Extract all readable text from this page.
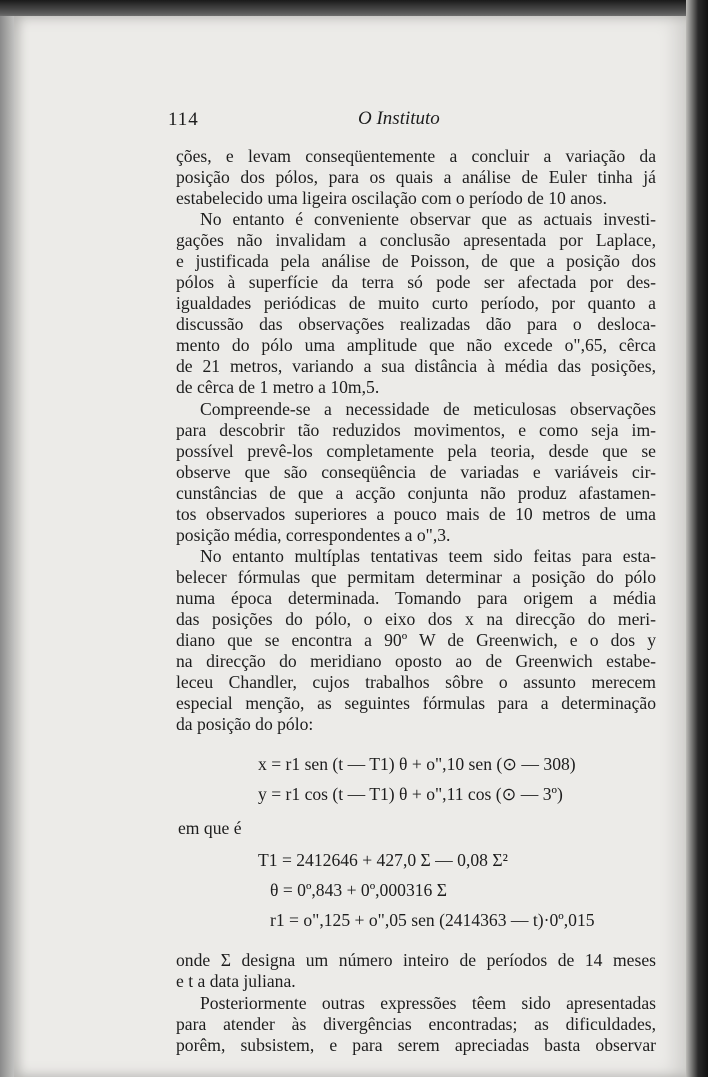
114	O Instituto
ções, e levam conseqüentemente a concluir a variação da
posição dos pólos, para os quais a análise de Euler tinha já
estabelecido uma ligeira oscilação com o período de 10 anos.
No entanto é conveniente observar que as actuais investi-
gações não invalidam a conclusão apresentada por Laplace,
e justificada pela análise de Poisson, de que a posição dos
pólos à superfície da terra só pode ser afectada por des-
igualdades periódicas de muito curto período, por quanto a
discussão das observações realizadas dão para o desloca-
mento do pólo uma amplitude que não excede o",65, cêrca
de 21 metros, variando a sua distância à média das posições,
de cêrca de 1 metro a 10m,5.
Compreende-se a necessidade de meticulosas observações
para descobrir tão reduzidos movimentos, e como seja im-
possível prevê-los completamente pela teoria, desde que se
observe que são conseqüência de variadas e variáveis cir-
cunstâncias de que a acção conjunta não produz afastamen-
tos observados superiores a pouco mais de 10 metros de uma
posição média, correspondentes a o",3.
No entanto multíplas tentativas teem sido feitas para esta-
belecer fórmulas que permitam determinar a posição do pólo
numa época determinada. Tomando para origem a média
das posições do pólo, o eixo dos x na direcção do meri-
diano que se encontra a 90º W de Greenwich, e o dos y
na direcção do meridiano oposto ao de Greenwich estabe-
leceu Chandler, cujos trabalhos sôbre o assunto merecem
especial menção, as seguintes fórmulas para a determinação
da posição do pólo:
x = r1 sen (t — T1) θ + o",10 sen (⊙ — 308)
y = r1 cos (t — T1) θ + o",11 cos (⊙ — 3º)
em que é
T1 = 2412646 + 427,0 Σ — 0,08 Σ²
θ = 0º,843 + 0º,000316 Σ
r1 = o",125 + o",05 sen (2414363 — t)·0º,015
onde Σ designa um número inteiro de períodos de 14 meses
e t a data juliana.
Posteriormente outras expressões têem sido apresentadas
para atender às divergências encontradas; as dificuldades,
porêm, subsistem, e para serem apreciadas basta observar
